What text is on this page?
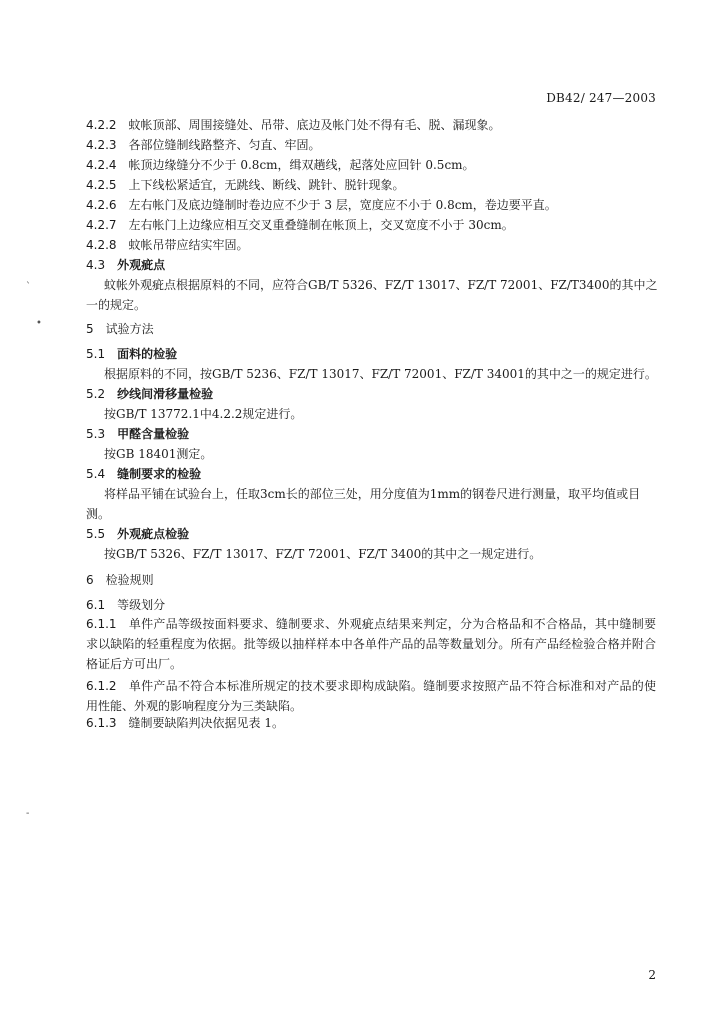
DB42/ 247—2003
4.2.2 蚊帐顶部、周围接缝处、吊带、底边及帐门处不得有毛、脱、漏现象。
4.2.3 各部位缝制线路整齐、匀直、牢固。
4.2.4 帐顶边缘缝分不少于 0.8cm，缉双趟线，起落处应回针 0.5cm。
4.2.5 上下线松紧适宜，无跳线、断线、跳针、脱针现象。
4.2.6 左右帐门及底边缝制时卷边应不少于 3 层，宽度应不小于 0.8cm，卷边要平直。
4.2.7 左右帐门上边缘应相互交叉重叠缝制在帐顶上，交叉宽度不小于 30cm。
4.2.8 蚊帐吊带应结实牢固。
4.3 外观疵点
蚊帐外观疵点根据原料的不同，应符合GB/T 5326、FZ/T 13017、FZ/T 72001、FZ/T3400的其中之
一的规定。
5 试验方法
5.1 面料的检验
根据原料的不同，按GB/T 5236、FZ/T 13017、FZ/T 72001、FZ/T 34001的其中之一的规定进行。
5.2 纱线间滑移量检验
按GB/T 13772.1中4.2.2规定进行。
5.3 甲醛含量检验
按GB 18401测定。
5.4 缝制要求的检验
将样品平铺在试验台上，任取3cm长的部位三处，用分度值为1mm的钢卷尺进行测量，取平均值或目
测。
5.5 外观疵点检验
按GB/T 5326、FZ/T 13017、FZ/T 72001、FZ/T 3400的其中之一规定进行。
6 检验规则
6.1 等级划分
6.1.1 单件产品等级按面料要求、缝制要求、外观疵点结果来判定，分为合格品和不合格品，其中缝制要求以缺陷的轻重程度为依据。批等级以抽样样本中各单件产品的品等数量划分。所有产品经检验合格并附合格证后方可出厂。
6.1.2 单件产品不符合本标准所规定的技术要求即构成缺陷。缝制要求按照产品不符合标准和对产品的使用性能、外观的影响程度分为三类缺陷。
6.1.3 缝制要缺陷判决依据见表 1。
`
•
-
2
